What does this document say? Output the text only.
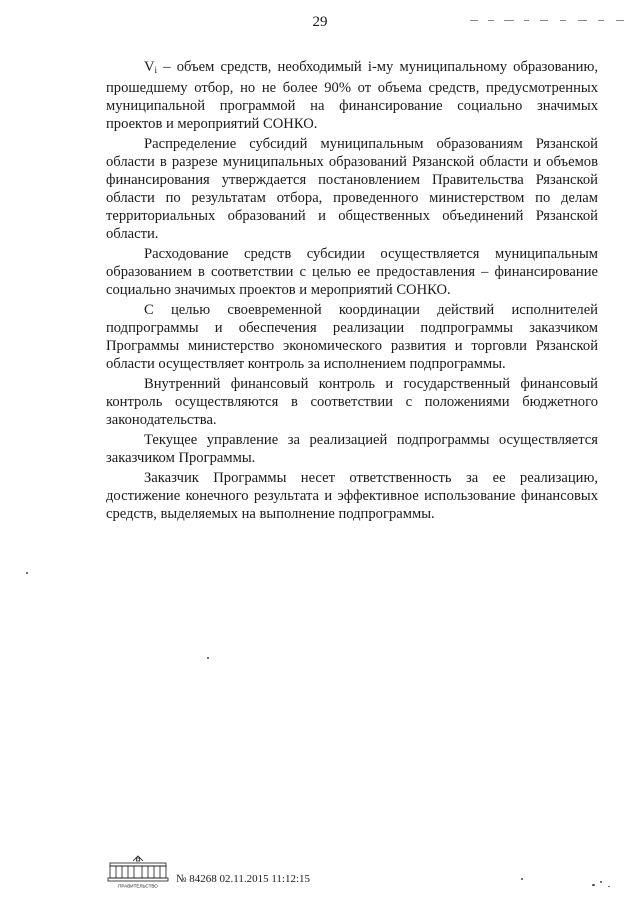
29

$V_i$ – объем средств, необходимый i-му муниципальному образованию, прошедшему отбор, но не более 90% от объема средств, предусмотренных муниципальной программой на финансирование социально значимых проектов и мероприятий СОНКО.

Распределение субсидий муниципальным образованиям Рязанской области в разрезе муниципальных образований Рязанской области и объемов финансирования утверждается постановлением Правительства Рязанской области по результатам отбора, проведенного министерством по делам территориальных образований и общественных объединений Рязанской области.

Расходование средств субсидии осуществляется муниципальным образованием в соответствии с целью ее предоставления – финансирование социально значимых проектов и мероприятий СОНКО.

С целью своевременной координации действий исполнителей подпрограммы и обеспечения реализации подпрограммы заказчиком Программы министерство экономического развития и торговли Рязанской области осуществляет контроль за исполнением подпрограммы.

Внутренний финансовый контроль и государственный финансовый контроль осуществляются в соответствии с положениями бюджетного законодательства.

Текущее управление за реализацией подпрограммы осуществляется заказчиком Программы.

Заказчик Программы несет ответственность за ее реализацию, достижение конечного результата и эффективное использование финансовых средств, выделяемых на выполнение подпрограммы.

ПРАВИТЕЛЬСТВО
№ 84268 02.11.2015 11:12:15
